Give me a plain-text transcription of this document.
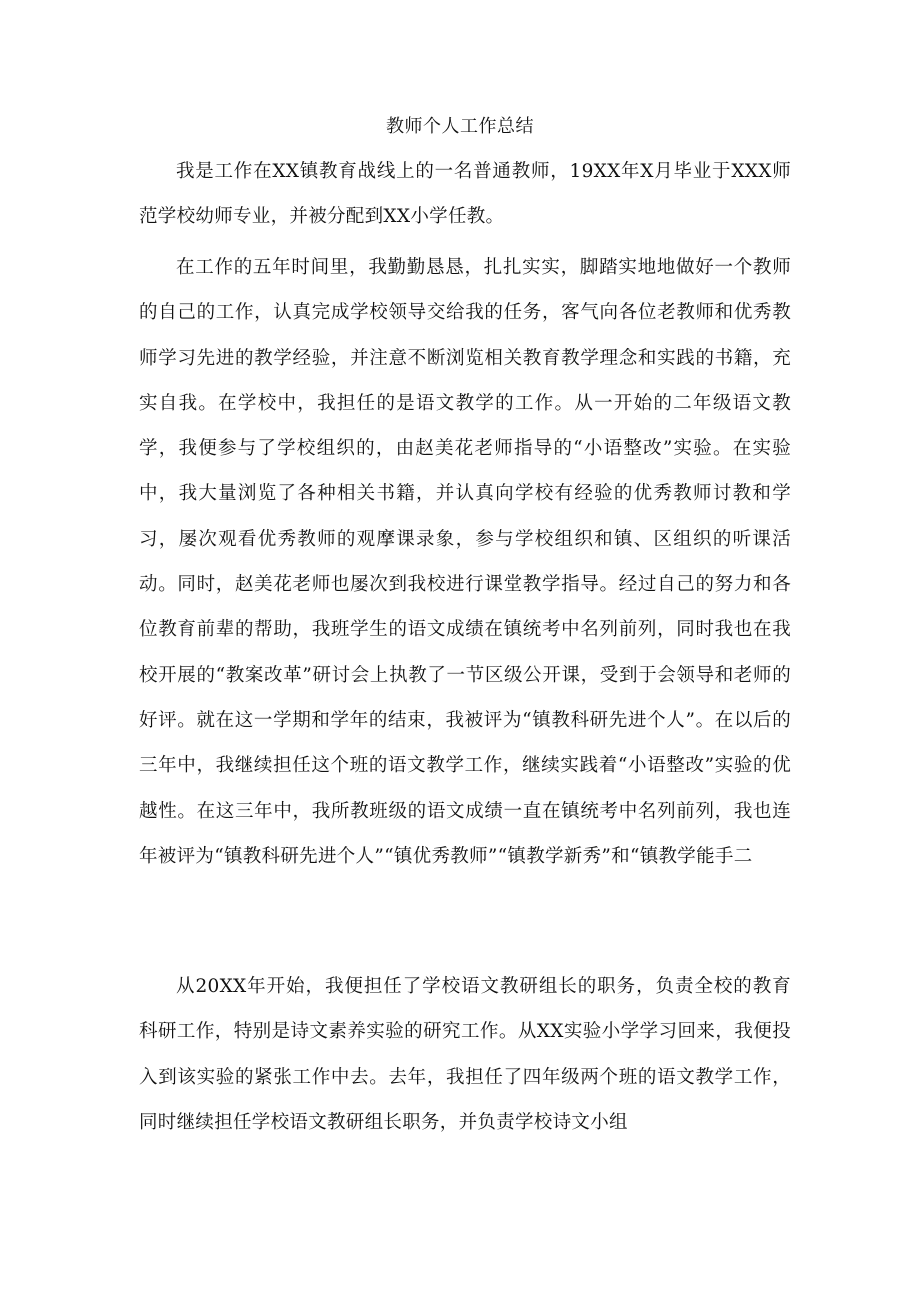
教师个人工作总结

我是工作在XX镇教育战线上的一名普通教师，19XX年X月毕业于XXX师范学校幼师专业，并被分配到XX小学任教。

在工作的五年时间里，我勤勤恳恳，扎扎实实，脚踏实地地做好一个教师的自己的工作，认真完成学校领导交给我的任务，客气向各位老教师和优秀教师学习先进的教学经验，并注意不断浏览相关教育教学理念和实践的书籍，充实自我。在学校中，我担任的是语文教学的工作。从一开始的二年级语文教学，我便参与了学校组织的，由赵美花老师指导的“小语整改”实验。在实验中，我大量浏览了各种相关书籍，并认真向学校有经验的优秀教师讨教和学习，屡次观看优秀教师的观摩课录象，参与学校组织和镇、区组织的听课活动。同时，赵美花老师也屡次到我校进行课堂教学指导。经过自己的努力和各位教育前辈的帮助，我班学生的语文成绩在镇统考中名列前列，同时我也在我校开展的“教案改革”研讨会上执教了一节区级公开课，受到于会领导和老师的好评。就在这一学期和学年的结束，我被评为“镇教科研先进个人”。在以后的三年中，我继续担任这个班的语文教学工作，继续实践着“小语整改”实验的优越性。在这三年中，我所教班级的语文成绩一直在镇统考中名列前列，我也连年被评为“镇教科研先进个人”“镇优秀教师”“镇教学新秀”和“镇教学能手二

从20XX年开始，我便担任了学校语文教研组长的职务，负责全校的教育科研工作，特别是诗文素养实验的研究工作。从XX实验小学学习回来，我便投入到该实验的紧张工作中去。去年，我担任了四年级两个班的语文教学工作，同时继续担任学校语文教研组长职务，并负责学校诗文小组
